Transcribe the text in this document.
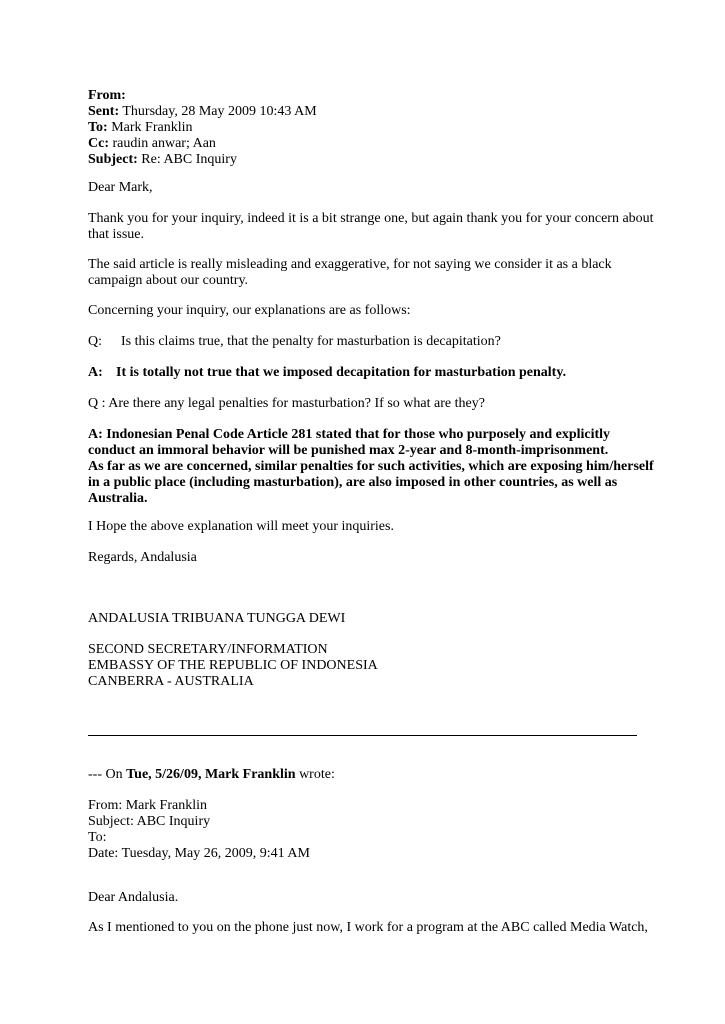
From:
Sent: Thursday, 28 May 2009 10:43 AM
To: Mark Franklin
Cc: raudin anwar; Aan
Subject: Re: ABC Inquiry
Dear Mark,
Thank you for your inquiry, indeed it is a bit strange one, but again thank you for your concern about
that issue.
The said article is really misleading and exaggerative, for not saying we consider it as a black
campaign about our country.
Concerning your inquiry, our explanations are as follows:
Q: Is this claims true, that the penalty for masturbation is decapitation?
A: It is totally not true that we imposed decapitation for masturbation penalty.
Q : Are there any legal penalties for masturbation? If so what are they?
A: Indonesian Penal Code Article 281 stated that for those who purposely and explicitly
conduct an immoral behavior will be punished max 2-year and 8-month-imprisonment.
As far as we are concerned, similar penalties for such activities, which are exposing him/herself
in a public place (including masturbation), are also imposed in other countries, as well as
Australia.
I Hope the above explanation will meet your inquiries.
Regards, Andalusia
ANDALUSIA TRIBUANA TUNGGA DEWI
SECOND SECRETARY/INFORMATION
EMBASSY OF THE REPUBLIC OF INDONESIA
CANBERRA - AUSTRALIA
--- On Tue, 5/26/09, Mark Franklin wrote:
From: Mark Franklin
Subject: ABC Inquiry
To:
Date: Tuesday, May 26, 2009, 9:41 AM
Dear Andalusia.
As I mentioned to you on the phone just now, I work for a program at the ABC called Media Watch,
